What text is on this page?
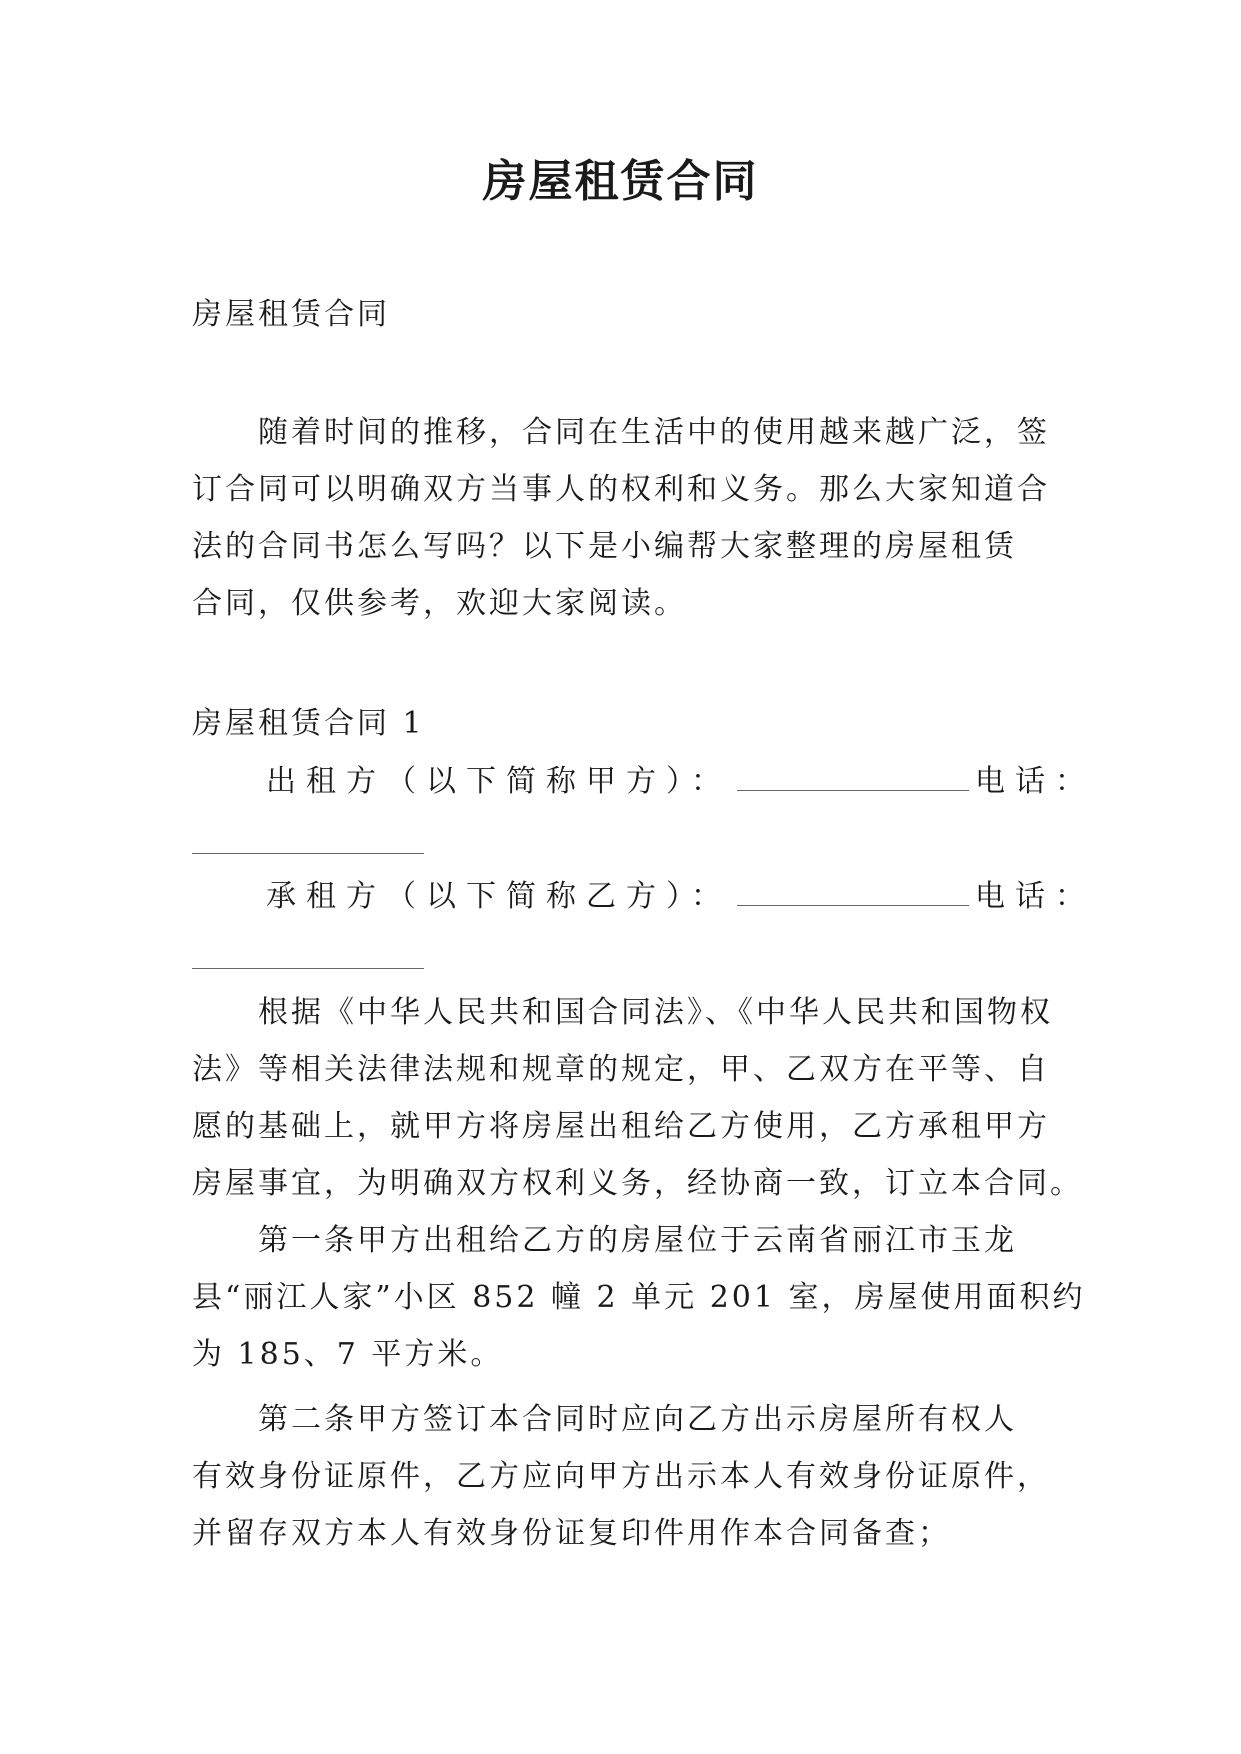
房屋租赁合同
房屋租赁合同
随着时间的推移，合同在生活中的使用越来越广泛，签
订合同可以明确双方当事人的权利和义务。那么大家知道合
法的合同书怎么写吗？以下是小编帮大家整理的房屋租赁
合同，仅供参考，欢迎大家阅读。
房屋租赁合同 1
出租方（以下简称甲方）：	电话：
承租方（以下简称乙方）：	电话：
根据《中华人民共和国合同法》、《中华人民共和国物权
法》等相关法律法规和规章的规定，甲、乙双方在平等、自
愿的基础上，就甲方将房屋出租给乙方使用，乙方承租甲方
房屋事宜，为明确双方权利义务，经协商一致，订立本合同。
第一条甲方出租给乙方的房屋位于云南省丽江市玉龙
县“丽江人家”小区 852 幢 2 单元 201 室，房屋使用面积约
为 185、7 平方米。
第二条甲方签订本合同时应向乙方出示房屋所有权人
有效身份证原件，乙方应向甲方出示本人有效身份证原件，
并留存双方本人有效身份证复印件用作本合同备查；
